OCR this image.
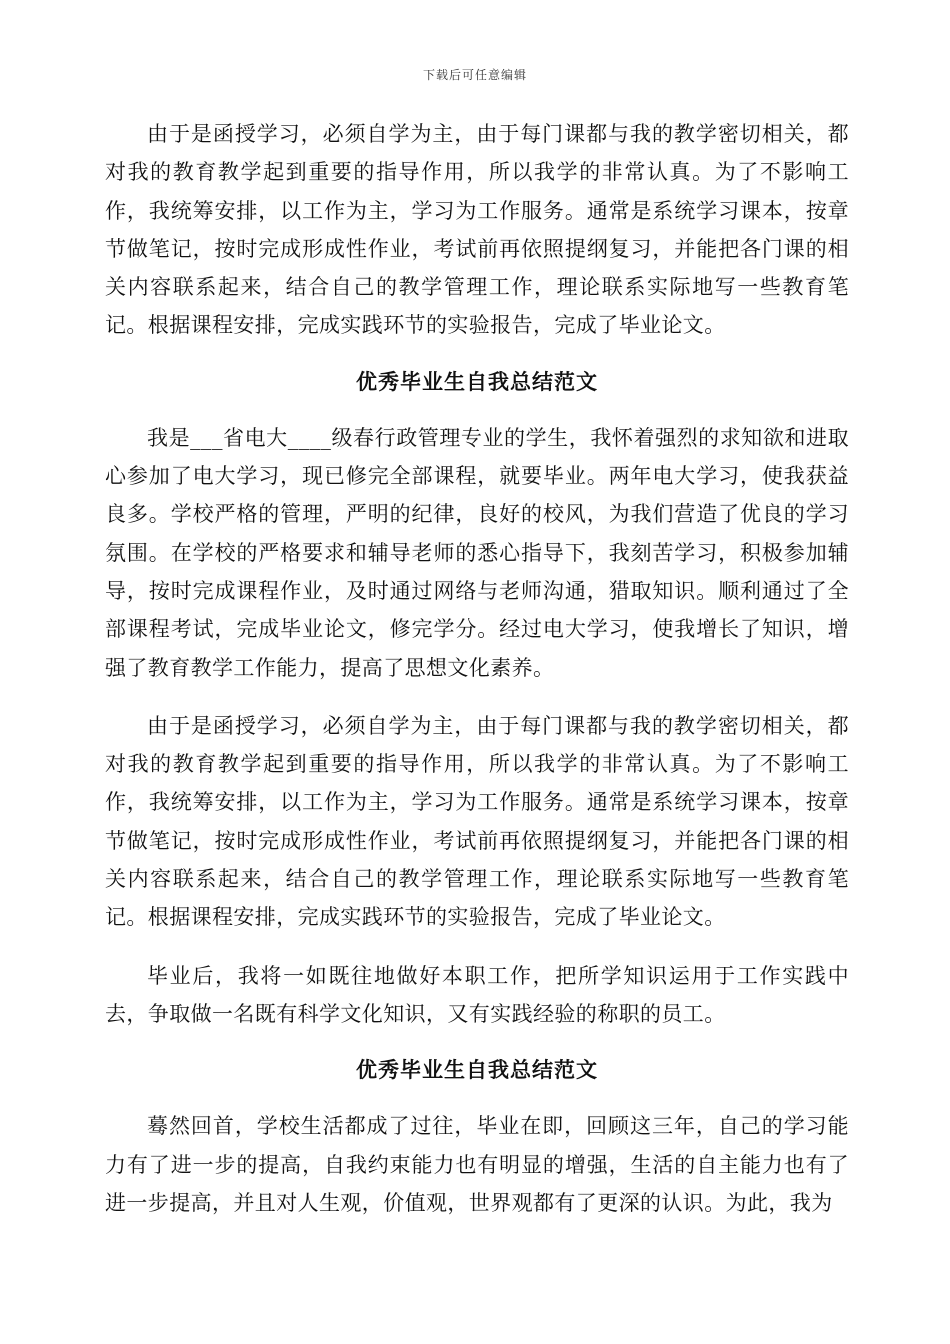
下载后可任意编辑

由于是函授学习，必须自学为主，由于每门课都与我的教学密切相关，都对我的教育教学起到重要的指导作用，所以我学的非常认真。为了不影响工作，我统筹安排，以工作为主，学习为工作服务。通常是系统学习课本，按章节做笔记，按时完成形成性作业，考试前再依照提纲复习，并能把各门课的相关内容联系起来，结合自己的教学管理工作，理论联系实际地写一些教育笔记。根据课程安排，完成实践环节的实验报告，完成了毕业论文。

优秀毕业生自我总结范文

我是___省电大____级春行政管理专业的学生，我怀着强烈的求知欲和进取心参加了电大学习，现已修完全部课程，就要毕业。两年电大学习，使我获益良多。学校严格的管理，严明的纪律，良好的校风，为我们营造了优良的学习氛围。在学校的严格要求和辅导老师的悉心指导下，我刻苦学习，积极参加辅导，按时完成课程作业，及时通过网络与老师沟通，猎取知识。顺利通过了全部课程考试，完成毕业论文，修完学分。经过电大学习，使我增长了知识，增强了教育教学工作能力，提高了思想文化素养。

由于是函授学习，必须自学为主，由于每门课都与我的教学密切相关，都对我的教育教学起到重要的指导作用，所以我学的非常认真。为了不影响工作，我统筹安排，以工作为主，学习为工作服务。通常是系统学习课本，按章节做笔记，按时完成形成性作业，考试前再依照提纲复习，并能把各门课的相关内容联系起来，结合自己的教学管理工作，理论联系实际地写一些教育笔记。根据课程安排，完成实践环节的实验报告，完成了毕业论文。

毕业后，我将一如既往地做好本职工作，把所学知识运用于工作实践中去，争取做一名既有科学文化知识，又有实践经验的称职的员工。

优秀毕业生自我总结范文

蓦然回首，学校生活都成了过往，毕业在即，回顾这三年，自己的学习能力有了进一步的提高，自我约束能力也有明显的增强，生活的自主能力也有了进一步提高，并且对人生观，价值观，世界观都有了更深的认识。为此，我为
